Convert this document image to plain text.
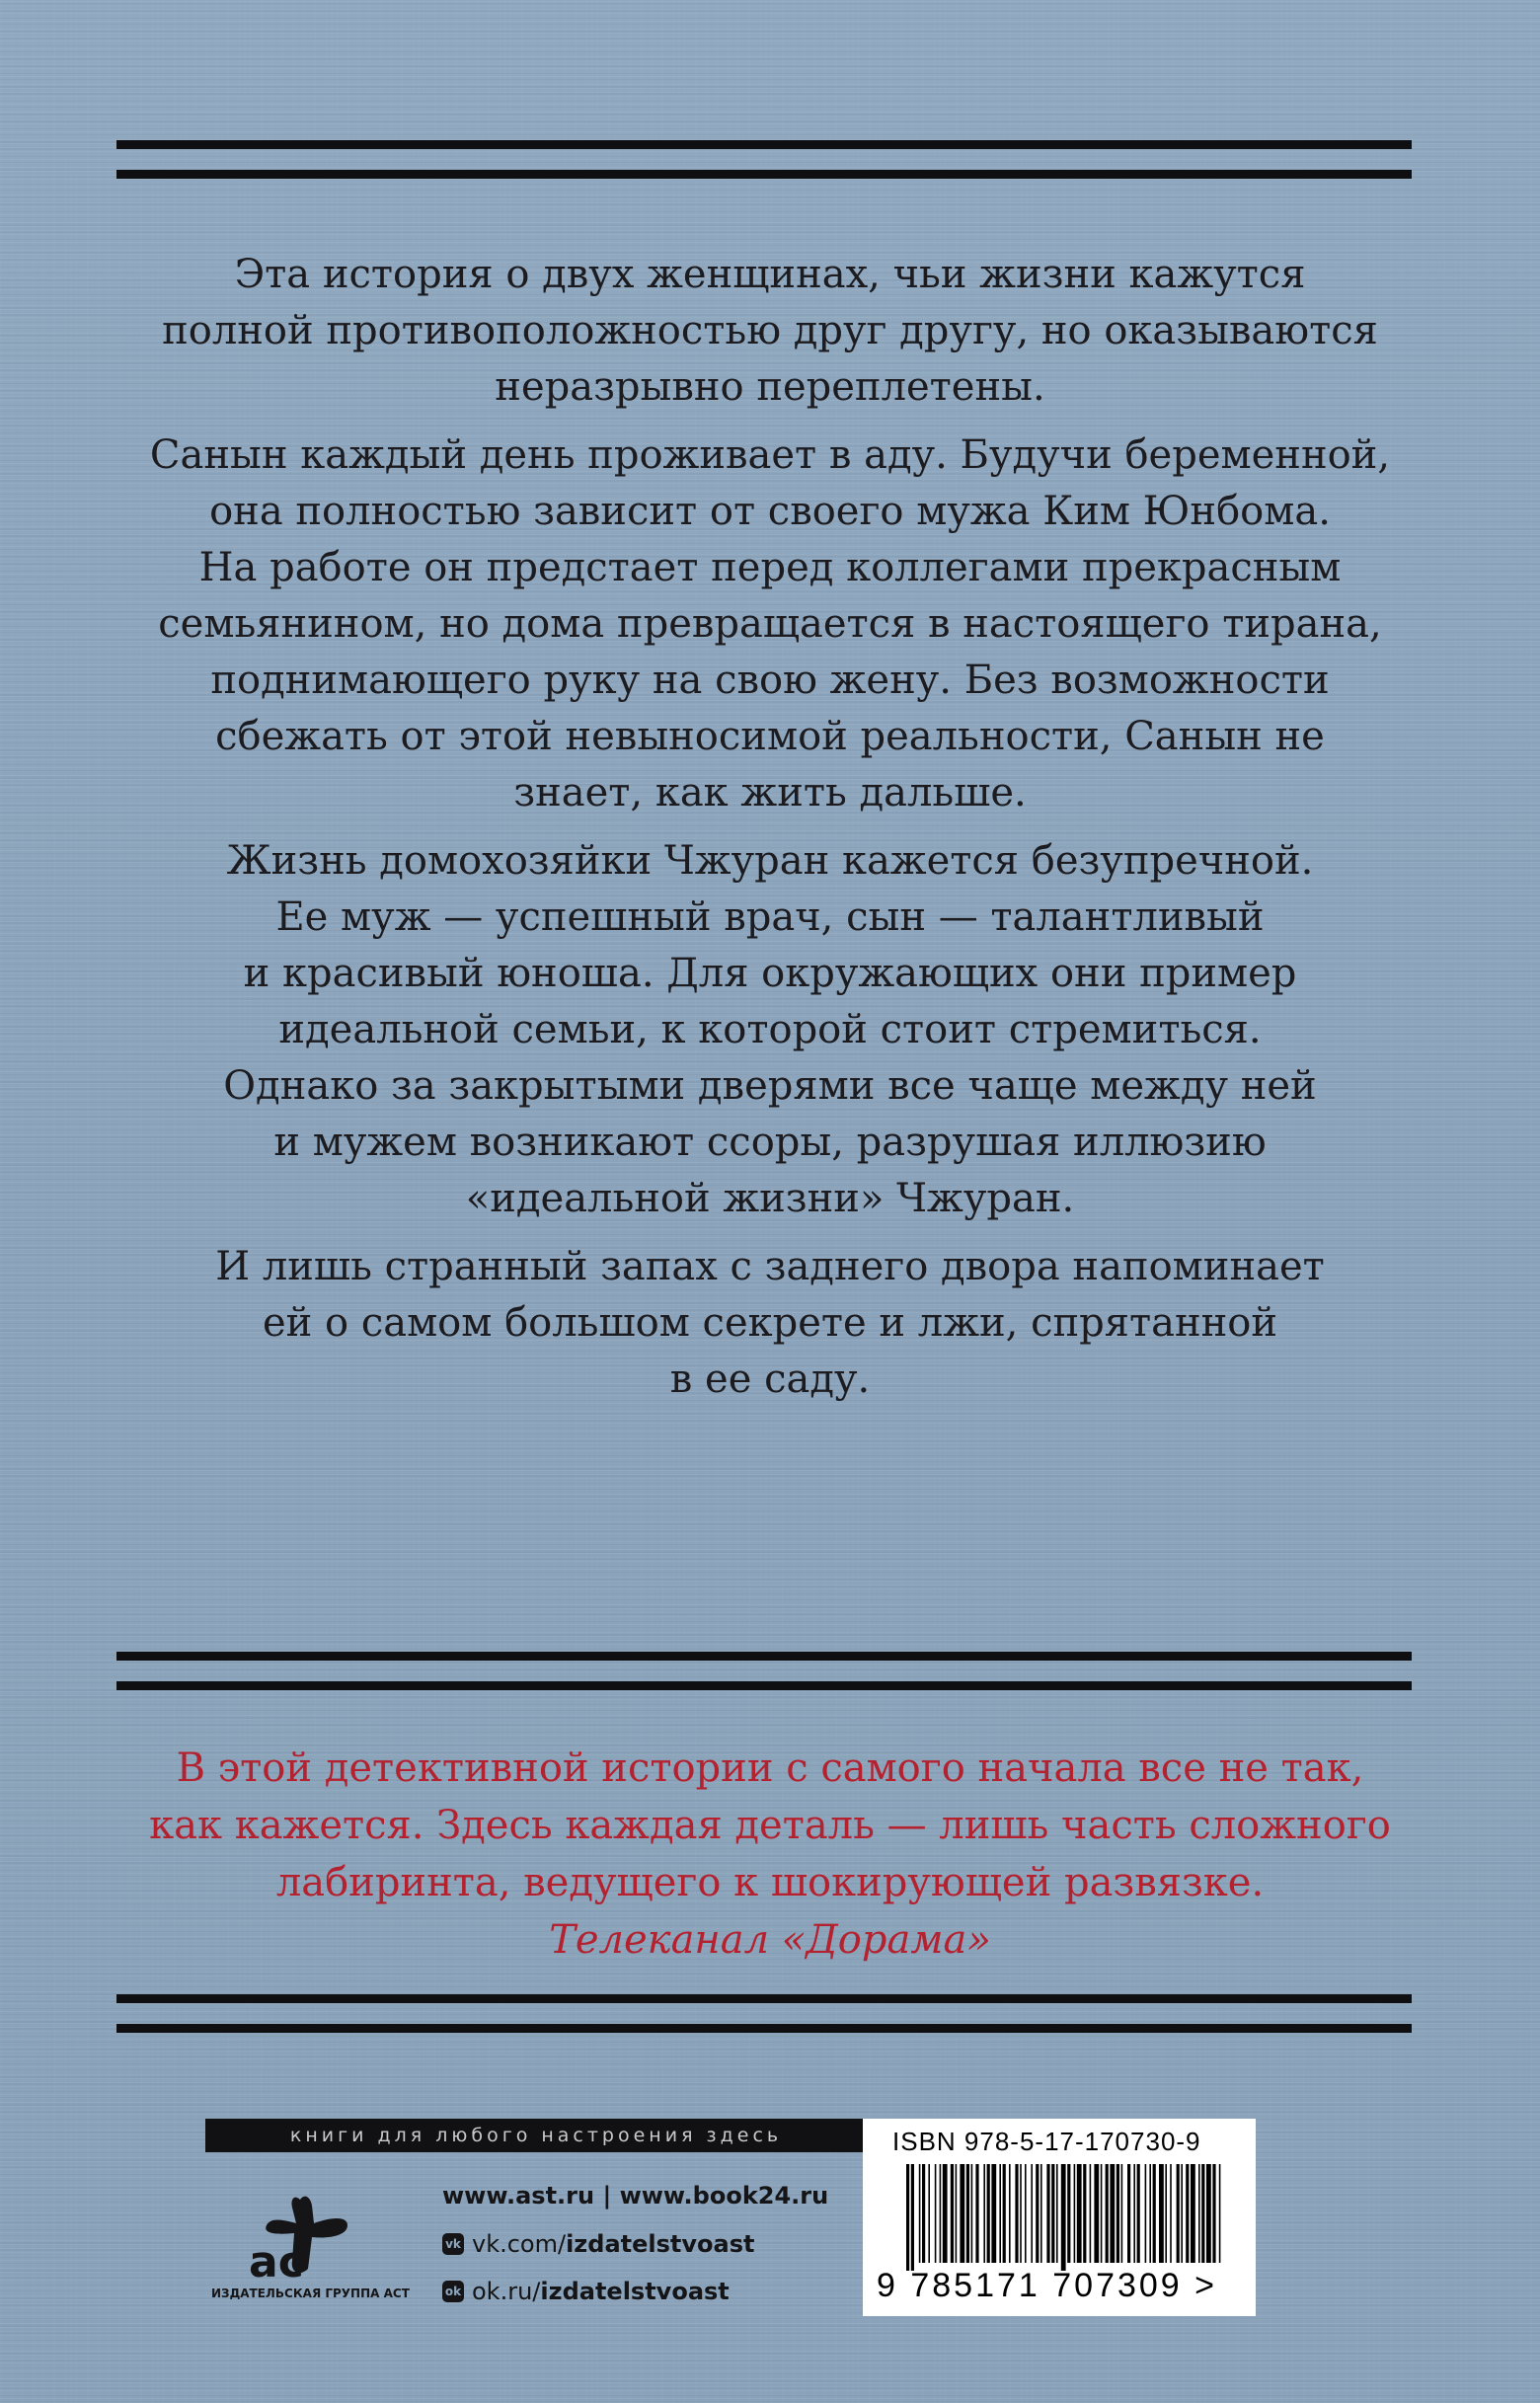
Эта история о двух женщинах, чьи жизни кажутся
полной противоположностью друг другу, но оказываются
неразрывно переплетены.
Санын каждый день проживает в аду. Будучи беременной,
она полностью зависит от своего мужа Ким Юнбома.
На работе он предстает перед коллегами прекрасным
семьянином, но дома превращается в настоящего тирана,
поднимающего руку на свою жену. Без возможности
сбежать от этой невыносимой реальности, Санын не
знает, как жить дальше.
Жизнь домохозяйки Чжуран кажется безупречной.
Ее муж — успешный врач, сын — талантливый
и красивый юноша. Для окружающих они пример
идеальной семьи, к которой стоит стремиться.
Однако за закрытыми дверями все чаще между ней
и мужем возникают ссоры, разрушая иллюзию
«идеальной жизни» Чжуран.
И лишь странный запах с заднего двора напоминает
ей о самом большом секрете и лжи, спрятанной
в ее саду.
В этой детективной истории с самого начала все не так,
как кажется. Здесь каждая деталь — лишь часть сложного
лабиринта, ведущего к шокирующей развязке.
Телеканал «Дорама»
книги для любого настроения здесь
ac
ИЗДАТЕЛЬСКАЯ ГРУППА АСТ
www.ast.ru | www.book24.ru
vk vk.com/ izdatelstvoast
ok ok.ru/ izdatelstvoast
ISBN 978-5-17-170730-9
9 785171 707309 >
